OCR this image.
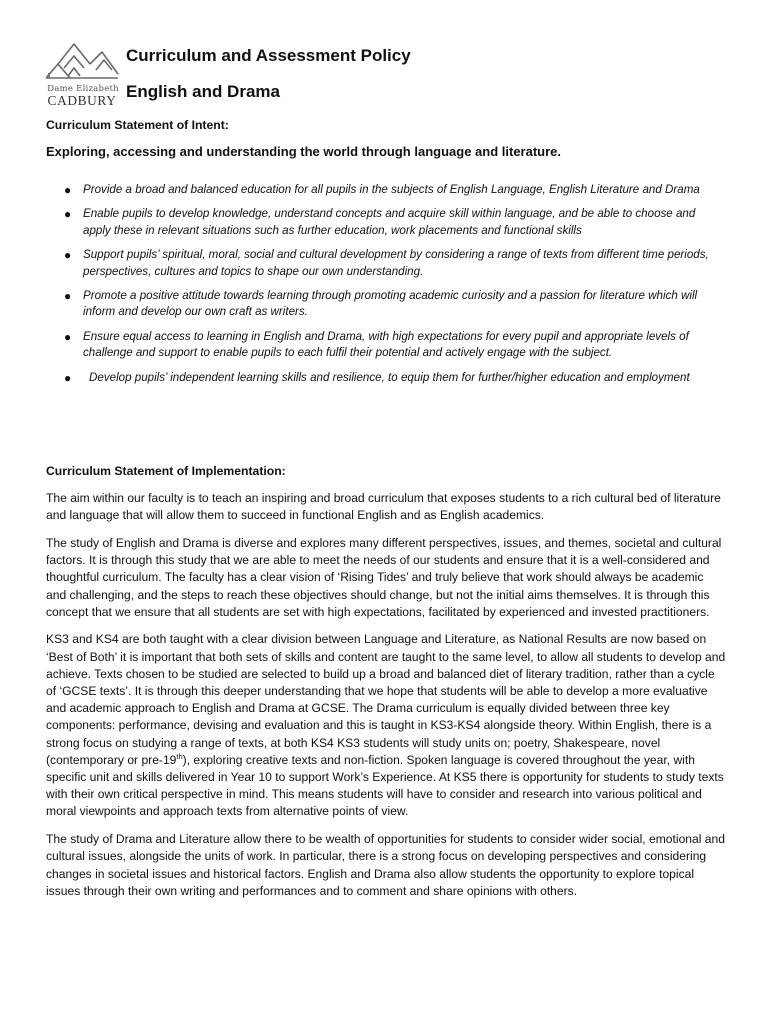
Dame Elizabeth
CADBURY
Curriculum and Assessment Policy
English and Drama
Curriculum Statement of Intent:
Exploring, accessing and understanding the world through language and literature.
● Provide a broad and balanced education for all pupils in the subjects of English Language, English Literature and Drama
● Enable pupils to develop knowledge, understand concepts and acquire skill within language, and be able to choose and apply these in relevant situations such as further education, work placements and functional skills
● Support pupils’ spiritual, moral, social and cultural development by considering a range of texts from different time periods, perspectives, cultures and topics to shape our own understanding.
● Promote a positive attitude towards learning through promoting academic curiosity and a passion for literature which will inform and develop our own craft as writers.
● Ensure equal access to learning in English and Drama, with high expectations for every pupil and appropriate levels of challenge and support to enable pupils to each fulfil their potential and actively engage with the subject.
● Develop pupils’ independent learning skills and resilience, to equip them for further/higher education and employment
Curriculum Statement of Implementation:

The aim within our faculty is to teach an inspiring and broad curriculum that exposes students to a rich cultural bed of literature and language that will allow them to succeed in functional English and as English academics.

The study of English and Drama is diverse and explores many different perspectives, issues, and themes, societal and cultural factors. It is through this study that we are able to meet the needs of our students and ensure that it is a well-considered and thoughtful curriculum. The faculty has a clear vision of ‘Rising Tides’ and truly believe that work should always be academic and challenging, and the steps to reach these objectives should change, but not the initial aims themselves. It is through this concept that we ensure that all students are set with high expectations, facilitated by experienced and invested practitioners.

KS3 and KS4 are both taught with a clear division between Language and Literature, as National Results are now based on ‘Best of Both’ it is important that both sets of skills and content are taught to the same level, to allow all students to develop and achieve. Texts chosen to be studied are selected to build up a broad and balanced diet of literary tradition, rather than a cycle of ‘GCSE texts’. It is through this deeper understanding that we hope that students will be able to develop a more evaluative and academic approach to English and Drama at GCSE. The Drama curriculum is equally divided between three key components: performance, devising and evaluation and this is taught in KS3-KS4 alongside theory. Within English, there is a strong focus on studying a range of texts, at both KS4 KS3 students will study units on; poetry, Shakespeare, novel (contemporary or pre-19th), exploring creative texts and non-fiction. Spoken language is covered throughout the year, with specific unit and skills delivered in Year 10 to support Work’s Experience. At KS5 there is opportunity for students to study texts with their own critical perspective in mind. This means students will have to consider and research into various political and moral viewpoints and approach texts from alternative points of view.

The study of Drama and Literature allow there to be wealth of opportunities for students to consider wider social, emotional and cultural issues, alongside the units of work. In particular, there is a strong focus on developing perspectives and considering changes in societal issues and historical factors. English and Drama also allow students the opportunity to explore topical issues through their own writing and performances and to comment and share opinions with others.
